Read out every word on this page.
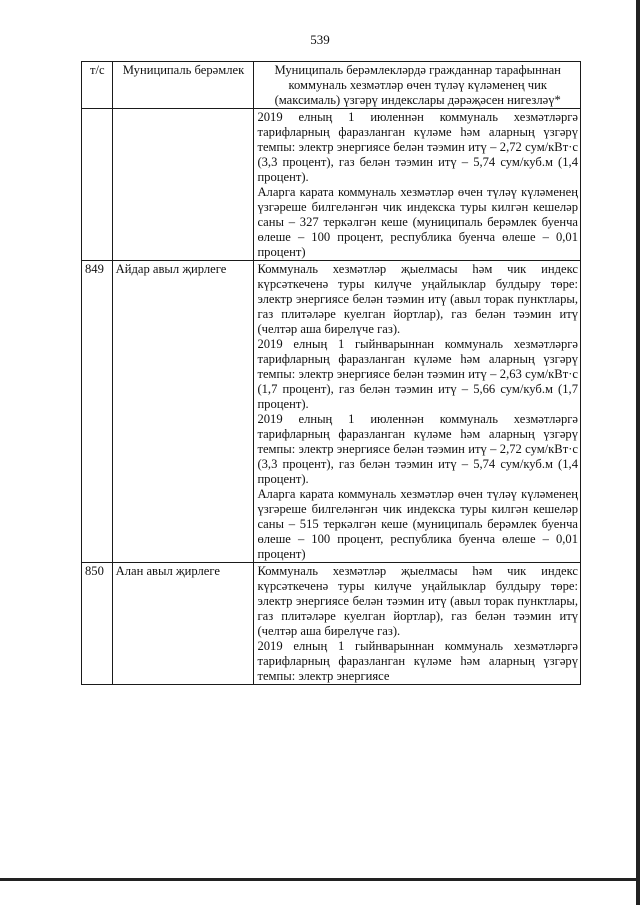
539
т/с	Муниципаль берәмлек	Муниципаль берәмлекләрдә гражданнар тарафыннан коммуналь хезмәтләр өчен түләү күләменең чик (максималь) үзгәрү индекслары дәрәҗәсен нигезләү*

		2019 елның 1 июленнән коммуналь хезмәтләргә тарифларның фаразланган күләме һәм аларның үзгәрү темпы: электр энергиясе белән тәэмин итү – 2,72 сум/кВт·с (3,3 процент), газ белән тәэмин итү – 5,74 сум/куб.м (1,4 процент).

Аларга карата коммуналь хезмәтләр өчен түләү күләменең үзгәреше билгеләнгән чик индекска туры килгән кешеләр саны – 327 теркәлгән кеше (муниципаль берәмлек буенча өлеше – 100 процент, республика буенча өлеше – 0,01 процент)

849	Айдар авыл җирлеге	Коммуналь хезмәтләр җыелмасы һәм чик индекс күрсәткеченә туры килүче уңайлыклар булдыру төре: электр энергиясе белән тәэмин итү (авыл торак пунктлары, газ плитәләре куелган йортлар), газ белән тәэмин итү (челтәр аша бирелүче газ).

2019 елның 1 гыйнварыннан коммуналь хезмәтләргә тарифларның фаразланган күләме һәм аларның үзгәрү темпы: электр энергиясе белән тәэмин итү – 2,63 сум/кВт·с (1,7 процент), газ белән тәэмин итү – 5,66 сум/куб.м (1,7 процент).

2019 елның 1 июленнән коммуналь хезмәтләргә тарифларның фаразланган күләме һәм аларның үзгәрү темпы: электр энергиясе белән тәэмин итү – 2,72 сум/кВт·с (3,3 процент), газ белән тәэмин итү – 5,74 сум/куб.м (1,4 процент).

Аларга карата коммуналь хезмәтләр өчен түләү күләменең үзгәреше билгеләнгән чик индекска туры килгән кешеләр саны – 515 теркәлгән кеше (муниципаль берәмлек буенча өлеше – 100 процент, республика буенча өлеше – 0,01 процент)

850	Алан авыл җирлеге	Коммуналь хезмәтләр җыелмасы һәм чик индекс күрсәткеченә туры килүче уңайлыклар булдыру төре: электр энергиясе белән тәэмин итү (авыл торак пунктлары, газ плитәләре куелган йортлар), газ белән тәэмин итү (челтәр аша бирелүче газ).

2019 елның 1 гыйнварыннан коммуналь хезмәтләргә тарифларның фаразланган күләме һәм аларның үзгәрү темпы: электр энергиясе
